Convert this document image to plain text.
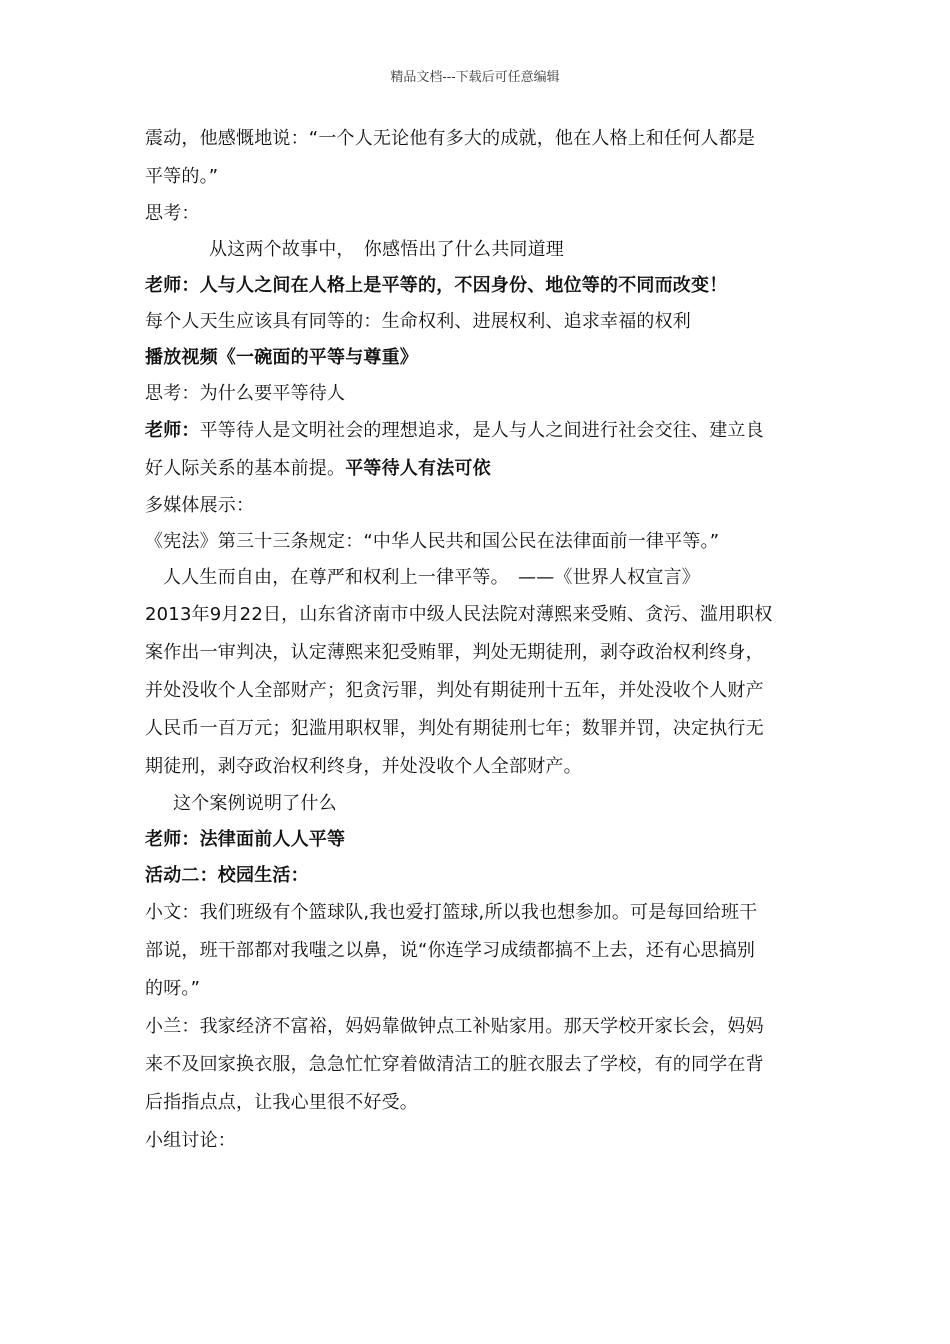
精品文档---下载后可任意编辑
震动，他感慨地说：“一个人无论他有多大的成就，他在人格上和任何人都是
平等的。”
思考：
从这两个故事中，　你感悟出了什么共同道理
老师：人与人之间在人格上是平等的，不因身份、地位等的不同而改变！
每个人天生应该具有同等的：生命权利、进展权利、追求幸福的权利
播放视频《一碗面的平等与尊重》
思考：为什么要平等待人
老师：平等待人是文明社会的理想追求，是人与人之间进行社会交往、建立良
好人际关系的基本前提。平等待人有法可依
多媒体展示：
《宪法》第三十三条规定：“中华人民共和国公民在法律面前一律平等。”
人人生而自由，在尊严和权利上一律平等。　——《世界人权宣言》
2013年9月22日，山东省济南市中级人民法院对薄熙来受贿、贪污、滥用职权
案作出一审判决，认定薄熙来犯受贿罪，判处无期徒刑，剥夺政治权利终身，
并处没收个人全部财产；犯贪污罪，判处有期徒刑十五年，并处没收个人财产
人民币一百万元；犯滥用职权罪，判处有期徒刑七年；数罪并罚，决定执行无
期徒刑，剥夺政治权利终身，并处没收个人全部财产。
这个案例说明了什么
老师：法律面前人人平等
活动二：校园生活：
小文：我们班级有个篮球队,我也爱打篮球,所以我也想参加。可是每回给班干
部说，班干部都对我嗤之以鼻，说“你连学习成绩都搞不上去，还有心思搞别
的呀。”
小兰：我家经济不富裕，妈妈靠做钟点工补贴家用。那天学校开家长会，妈妈
来不及回家换衣服，急急忙忙穿着做清洁工的脏衣服去了学校，有的同学在背
后指指点点，让我心里很不好受。
小组讨论：
